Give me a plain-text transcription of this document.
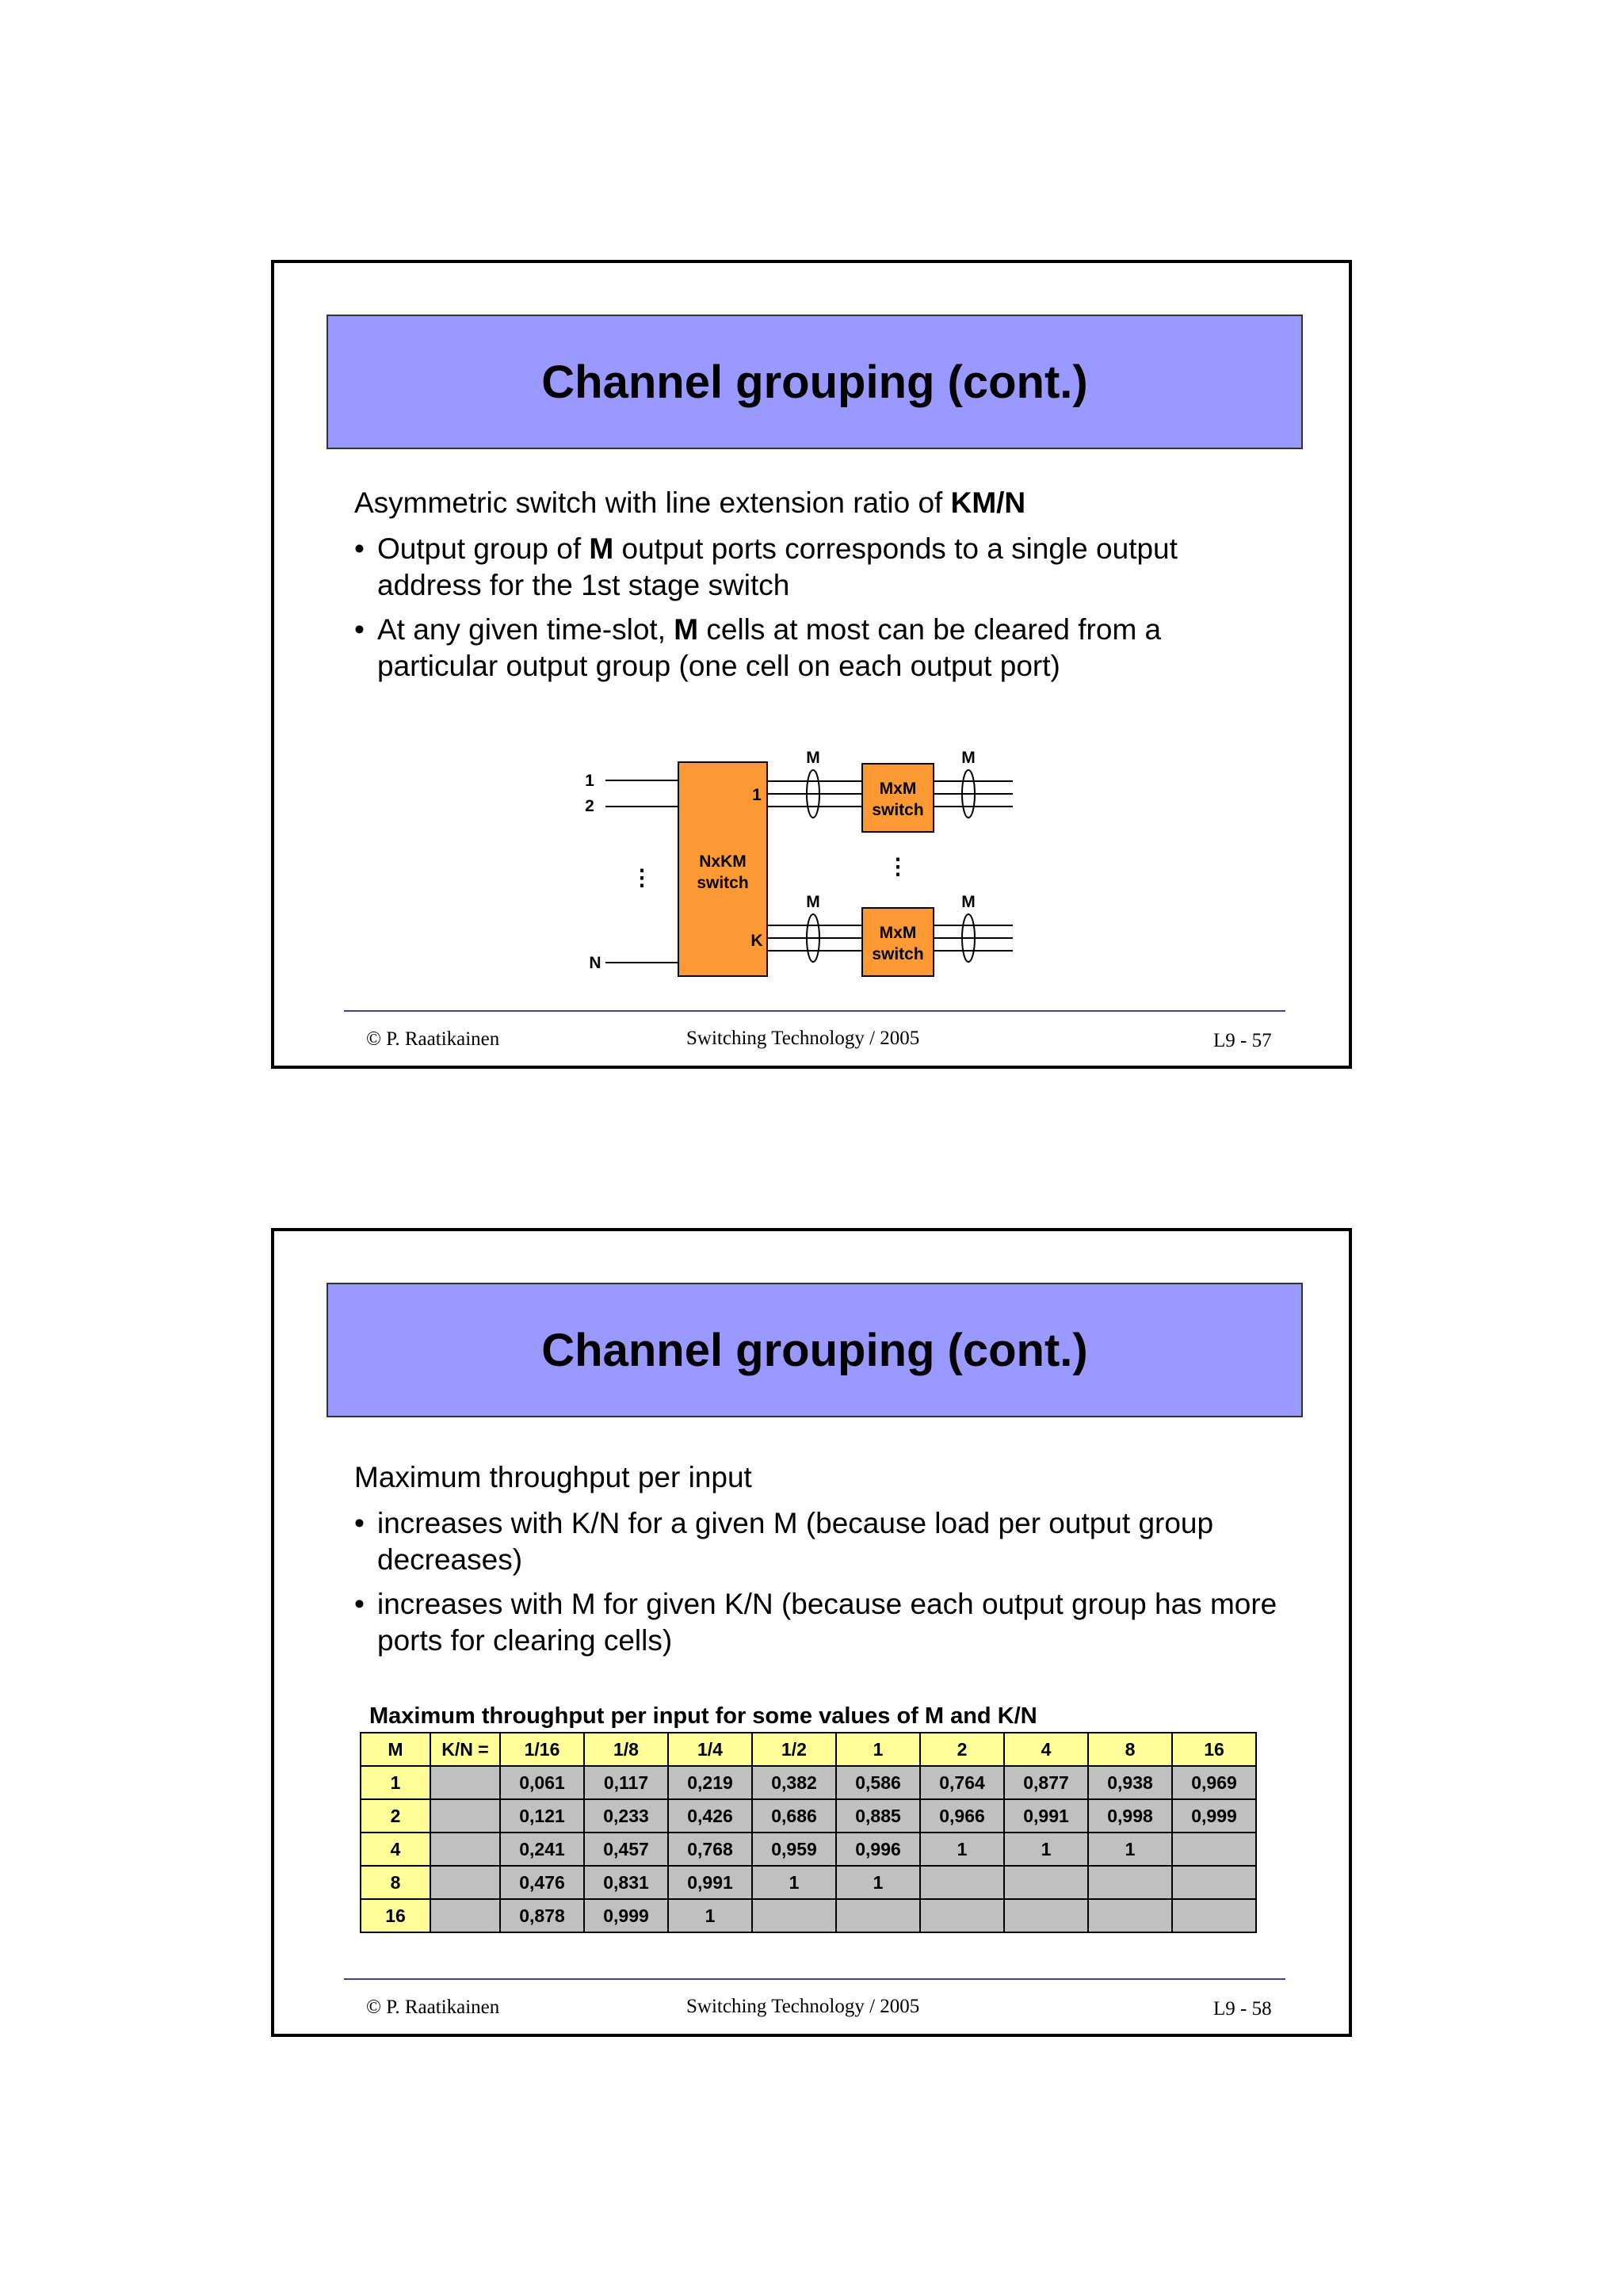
Channel grouping (cont.)

Asymmetric switch with line extension ratio of KM/N

• Output group of M output ports corresponds to a single output address for the 1st stage switch
• At any given time-slot, M cells at most can be cleared from a particular output group (one cell on each output port)
1
2
N
⋮
NxKM
switch
1
K
M
MxM
switch
M
⋮
M
MxM
switch
M
© P. Raatikainen	Switching Technology / 2005	L9 - 57
Channel grouping (cont.)

Maximum throughput per input

• increases with K/N for a given M (because load per output group decreases)
• increases with M for given K/N (because each output group has more ports for clearing cells)
Maximum throughput per input for some values of M and K/N
M	K/N =	1/16	1/8	1/4	1/2	1	2	4	8	16
1		0,061	0,117	0,219	0,382	0,586	0,764	0,877	0,938	0,969
2		0,121	0,233	0,426	0,686	0,885	0,966	0,991	0,998	0,999
4		0,241	0,457	0,768	0,959	0,996	1	1	1	
8		0,476	0,831	0,991	1	1				
16		0,878	0,999	1						
© P. Raatikainen	Switching Technology / 2005	L9 - 58
